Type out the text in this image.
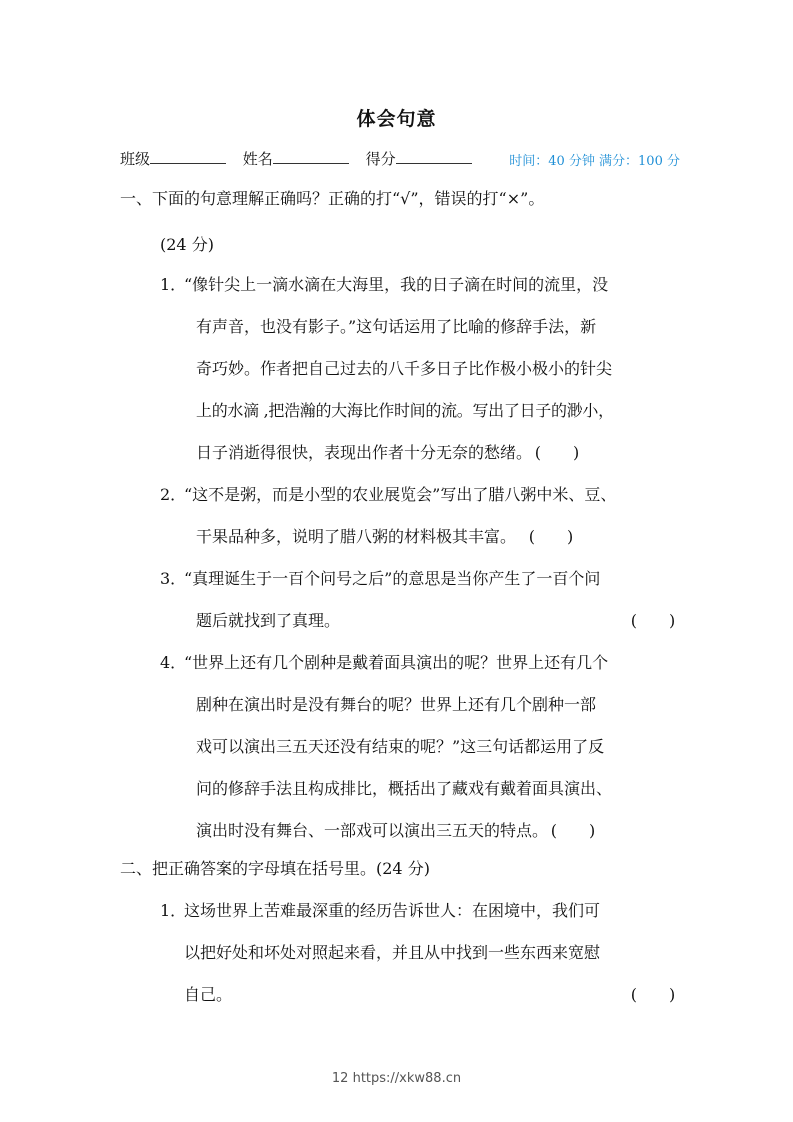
体会句意
班级	姓名	得分	时间：40 分钟 满分：100 分
一、下面的句意理解正确吗？正确的打“√”，错误的打“×”。
(24 分)
1．
“像针尖上一滴水滴在大海里，我的日子滴在时间的流里，没
有声音，也没有影子。”这句话运用了比喻的修辞手法，新
奇巧妙。作者把自己过去的八千多日子比作极小极小的针尖
上的水滴 ,把浩瀚的大海比作时间的流。写出了日子的渺小，
日子消逝得很快，表现出作者十分无奈的愁绪。 (　　)
2．
“这不是粥，而是小型的农业展览会”写出了腊八粥中米、豆、
干果品种多，说明了腊八粥的材料极其丰富。 (　　)
3．
“真理诞生于一百个问号之后”的意思是当你产生了一百个问
题后就找到了真理。	(　　)
4．
“世界上还有几个剧种是戴着面具演出的呢？世界上还有几个
剧种在演出时是没有舞台的呢？世界上还有几个剧种一部
戏可以演出三五天还没有结束的呢？”这三句话都运用了反
问的修辞手法且构成排比，概括出了藏戏有戴着面具演出、
演出时没有舞台、一部戏可以演出三五天的特点。 (　　)
二、把正确答案的字母填在括号里。(24 分)
1．
这场世界上苦难最深重的经历告诉世人：在困境中，我们可
以把好处和坏处对照起来看，并且从中找到一些东西来宽慰
自己。	(　　)
12 https://xkw88.cn
